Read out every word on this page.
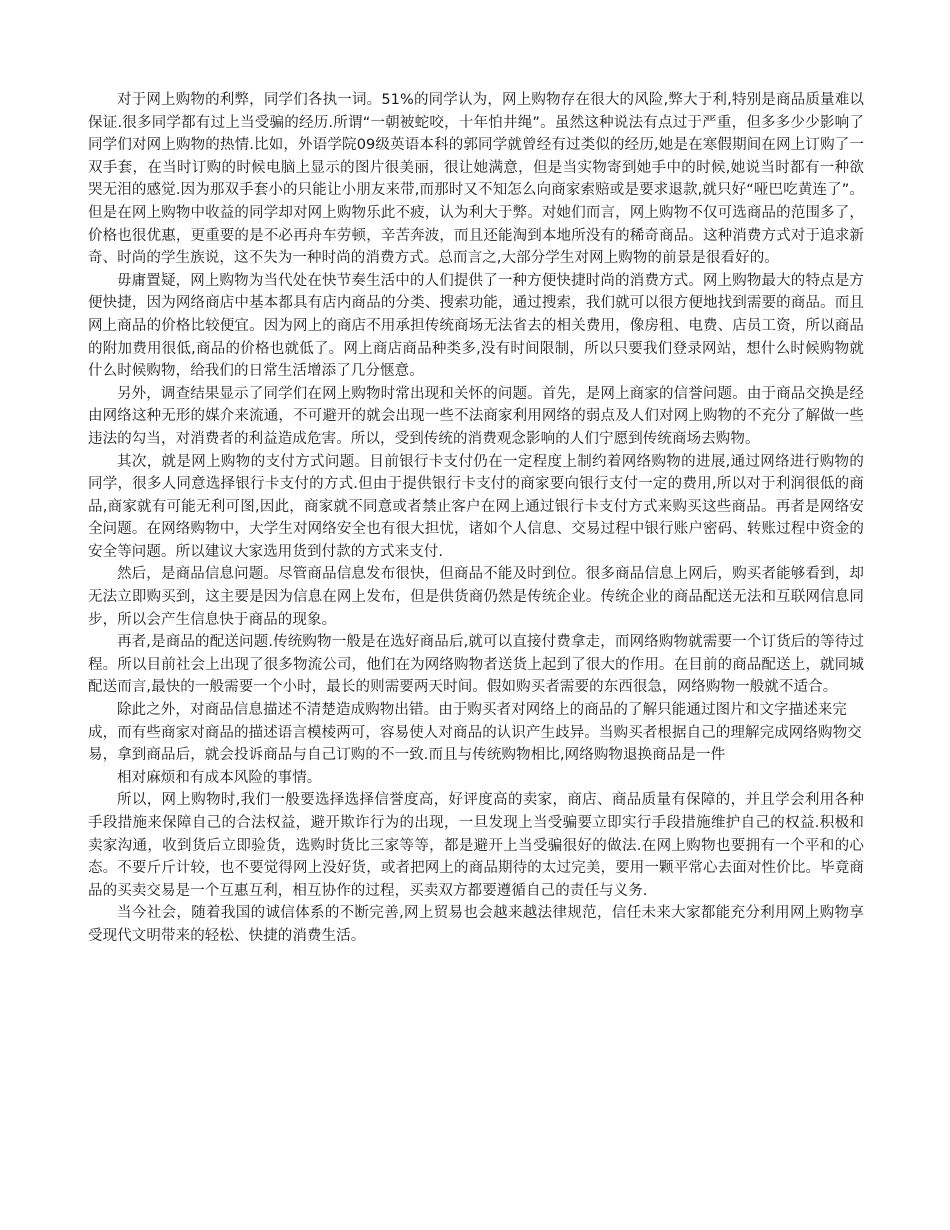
对于网上购物的利弊，同学们各执一词。51%的同学认为，网上购物存在很大的风险,弊大于利,特别是商品质量难以保证.很多同学都有过上当受骗的经历.所谓“一朝被蛇咬，十年怕井绳”。虽然这种说法有点过于严重，但多多少少影响了同学们对网上购物的热情.比如，外语学院09级英语本科的郭同学就曾经有过类似的经历,她是在寒假期间在网上订购了一双手套，在当时订购的时候电脑上显示的图片很美丽，很让她满意，但是当实物寄到她手中的时候,她说当时都有一种欲哭无泪的感觉.因为那双手套小的只能让小朋友来带,而那时又不知怎么向商家索赔或是要求退款,就只好“哑巴吃黄连了”。但是在网上购物中收益的同学却对网上购物乐此不疲，认为利大于弊。对她们而言，网上购物不仅可选商品的范围多了，价格也很优惠，更重要的是不必再舟车劳顿，辛苦奔波，而且还能淘到本地所没有的稀奇商品。这种消费方式对于追求新奇、时尚的学生族说，这不失为一种时尚的消费方式。总而言之,大部分学生对网上购物的前景是很看好的。

毋庸置疑，网上购物为当代处在快节奏生活中的人们提供了一种方便快捷时尚的消费方式。网上购物最大的特点是方便快捷，因为网络商店中基本都具有店内商品的分类、搜索功能，通过搜索，我们就可以很方便地找到需要的商品。而且网上商品的价格比较便宜。因为网上的商店不用承担传统商场无法省去的相关费用，像房租、电费、店员工资，所以商品的附加费用很低,商品的价格也就低了。网上商店商品种类多,没有时间限制，所以只要我们登录网站，想什么时候购物就什么时候购物，给我们的日常生活增添了几分惬意。

另外，调查结果显示了同学们在网上购物时常出现和关怀的问题。首先，是网上商家的信誉问题。由于商品交换是经由网络这种无形的媒介来流通，不可避开的就会出现一些不法商家利用网络的弱点及人们对网上购物的不充分了解做一些违法的勾当，对消费者的利益造成危害。所以，受到传统的消费观念影响的人们宁愿到传统商场去购物。

其次，就是网上购物的支付方式问题。目前银行卡支付仍在一定程度上制约着网络购物的进展,通过网络进行购物的同学，很多人同意选择银行卡支付的方式.但由于提供银行卡支付的商家要向银行支付一定的费用,所以对于利润很低的商品,商家就有可能无利可图,因此，商家就不同意或者禁止客户在网上通过银行卡支付方式来购买这些商品。再者是网络安全问题。在网络购物中，大学生对网络安全也有很大担忧，诸如个人信息、交易过程中银行账户密码、转账过程中资金的安全等问题。所以建议大家选用货到付款的方式来支付.

然后，是商品信息问题。尽管商品信息发布很快，但商品不能及时到位。很多商品信息上网后，购买者能够看到，却无法立即购买到，这主要是因为信息在网上发布，但是供货商仍然是传统企业。传统企业的商品配送无法和互联网信息同步，所以会产生信息快于商品的现象。

再者,是商品的配送问题.传统购物一般是在选好商品后,就可以直接付费拿走，而网络购物就需要一个订货后的等待过程。所以目前社会上出现了很多物流公司，他们在为网络购物者送货上起到了很大的作用。在目前的商品配送上，就同城配送而言,最快的一般需要一个小时，最长的则需要两天时间。假如购买者需要的东西很急，网络购物一般就不适合。

除此之外，对商品信息描述不清楚造成购物出错。由于购买者对网络上的商品的了解只能通过图片和文字描述来完成，而有些商家对商品的描述语言模棱两可，容易使人对商品的认识产生歧异。当购买者根据自己的理解完成网络购物交易，拿到商品后，就会投诉商品与自己订购的不一致.而且与传统购物相比,网络购物退换商品是一件

相对麻烦和有成本风险的事情。

所以，网上购物时,我们一般要选择选择信誉度高，好评度高的卖家，商店、商品质量有保障的，并且学会利用各种手段措施来保障自己的合法权益，避开欺诈行为的出现，一旦发现上当受骗要立即实行手段措施维护自己的权益.积极和卖家沟通，收到货后立即验货，选购时货比三家等等，都是避开上当受骗很好的做法.在网上购物也要拥有一个平和的心态。不要斤斤计较，也不要觉得网上没好货，或者把网上的商品期待的太过完美，要用一颗平常心去面对性价比。毕竟商品的买卖交易是一个互惠互利，相互协作的过程，买卖双方都要遵循自己的责任与义务.

当今社会，随着我国的诚信体系的不断完善,网上贸易也会越来越法律规范，信任未来大家都能充分利用网上购物享受现代文明带来的轻松、快捷的消费生活。
